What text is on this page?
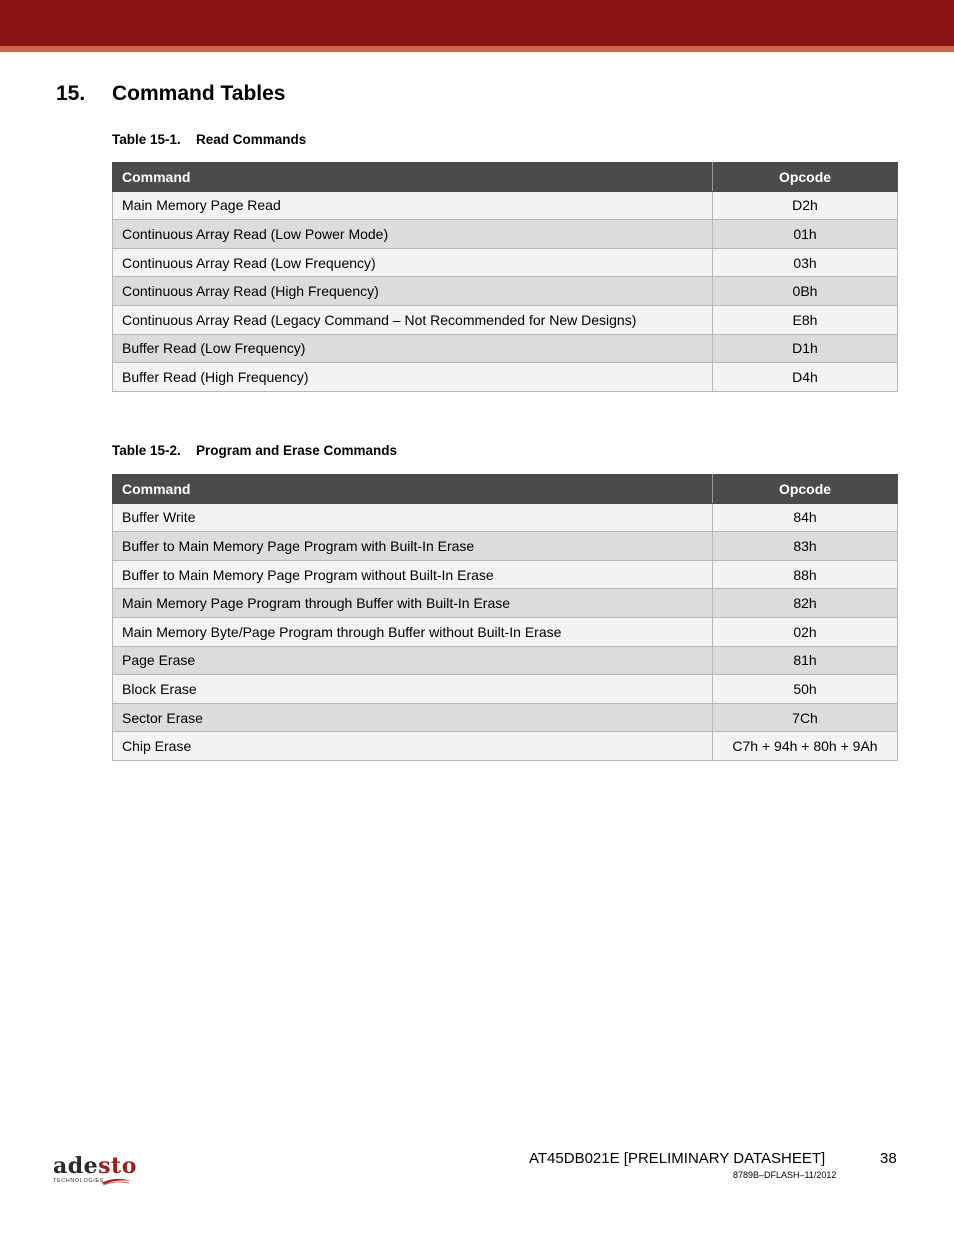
15. Command Tables
Table 15-1. Read Commands
Command	Opcode
Main Memory Page Read	D2h
Continuous Array Read (Low Power Mode)	01h
Continuous Array Read (Low Frequency)	03h
Continuous Array Read (High Frequency)	0Bh
Continuous Array Read (Legacy Command – Not Recommended for New Designs)	E8h
Buffer Read (Low Frequency)	D1h
Buffer Read (High Frequency)	D4h
Table 15-2. Program and Erase Commands
Command	Opcode
Buffer Write	84h
Buffer to Main Memory Page Program with Built-In Erase	83h
Buffer to Main Memory Page Program without Built-In Erase	88h
Main Memory Page Program through Buffer with Built-In Erase	82h
Main Memory Byte/Page Program through Buffer without Built-In Erase	02h
Page Erase	81h
Block Erase	50h
Sector Erase	7Ch
Chip Erase	C7h + 94h + 80h + 9Ah
adesto
TECHNOLOGIES
AT45DB021E [PRELIMINARY DATASHEET]	38
8789B–DFLASH–11/2012
